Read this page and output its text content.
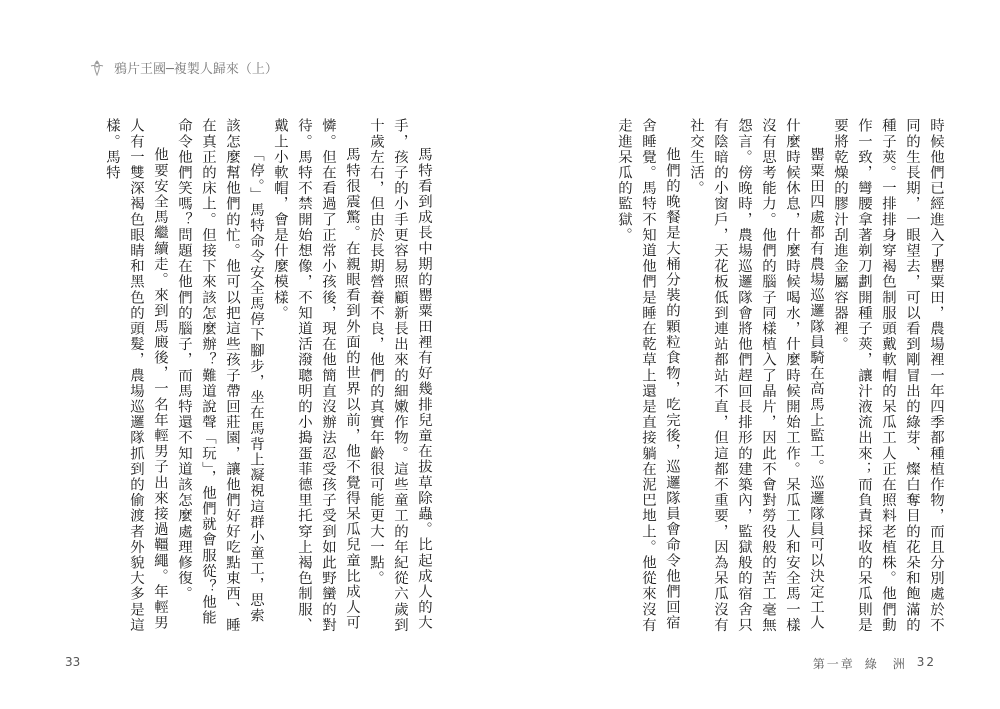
鴉片王國─複製人歸來（上）

時候他們已經進入了罌粟田，農場裡一年四季都種植作物，而且分別處於不同的生長期，一眼望去，可以看到剛冒出的綠芽、燦白奪目的花朵和飽滿的種子莢。一排排身穿褐色制服頭戴軟帽的呆瓜工人正在照料老植株。他們動作一致，彎腰拿著剃刀劃開種子莢，讓汁液流出來；而負責採收的呆瓜則是要將乾燥的膠汁刮進金屬容器裡。

罌粟田四處都有農場巡邏隊員騎在高馬上監工。巡邏隊員可以決定工人什麼時候休息，什麼時候喝水，什麼時候開始工作。呆瓜工人和安全馬一樣沒有思考能力。他們的腦子同樣植入了晶片，因此不會對勞役般的苦工毫無怨言。傍晚時，農場巡邏隊會將他們趕回長排形的建築內，監獄般的宿舍只有陰暗的小窗戶，天花板低到連站都站不直，但這都不重要，因為呆瓜沒有社交生活。

他們的晚餐是大桶分裝的顆粒食物，吃完後，巡邏隊員會命令他們回宿舍睡覺。馬特不知道他們是睡在乾草上還是直接躺在泥巴地上。他從來沒有走進呆瓜的監獄。

馬特看到成長中期的罌粟田裡有好幾排兒童在拔草除蟲。比起成人的大手，孩子的小手更容易照顧新長出來的細嫩作物。這些童工的年紀從六歲到十歲左右，但由於長期營養不良，他們的真實年齡很可能更大一點。

馬特很震驚。在親眼看到外面的世界以前，他不覺得呆瓜兒童比成人可憐。但在看過了正常小孩後，現在他簡直沒辦法忍受孩子受到如此野蠻的對待。馬特不禁開始想像，不知道活潑聰明的小搗蛋菲德里托穿上褐色制服、戴上小軟帽，會是什麼模樣。

「停。」馬特命令安全馬停下腳步，坐在馬背上凝視這群小童工，思索該怎麼幫他們的忙。他可以把這些孩子帶回莊園，讓他們好好吃點東西、睡在真正的床上。但接下來該怎麼辦？難道說聲「玩」，他們就會服從？他能命令他們笑嗎？問題在他們的腦子，而馬特還不知道該怎麼處理修復。

他要安全馬繼續走。來到馬廄後，一名年輕男子出來接過韁繩。年輕男人有一雙深褐色眼睛和黑色的頭髮，農場巡邏隊抓到的偷渡者外貌大多是這樣。馬特

33	第一章 綠　洲 32
